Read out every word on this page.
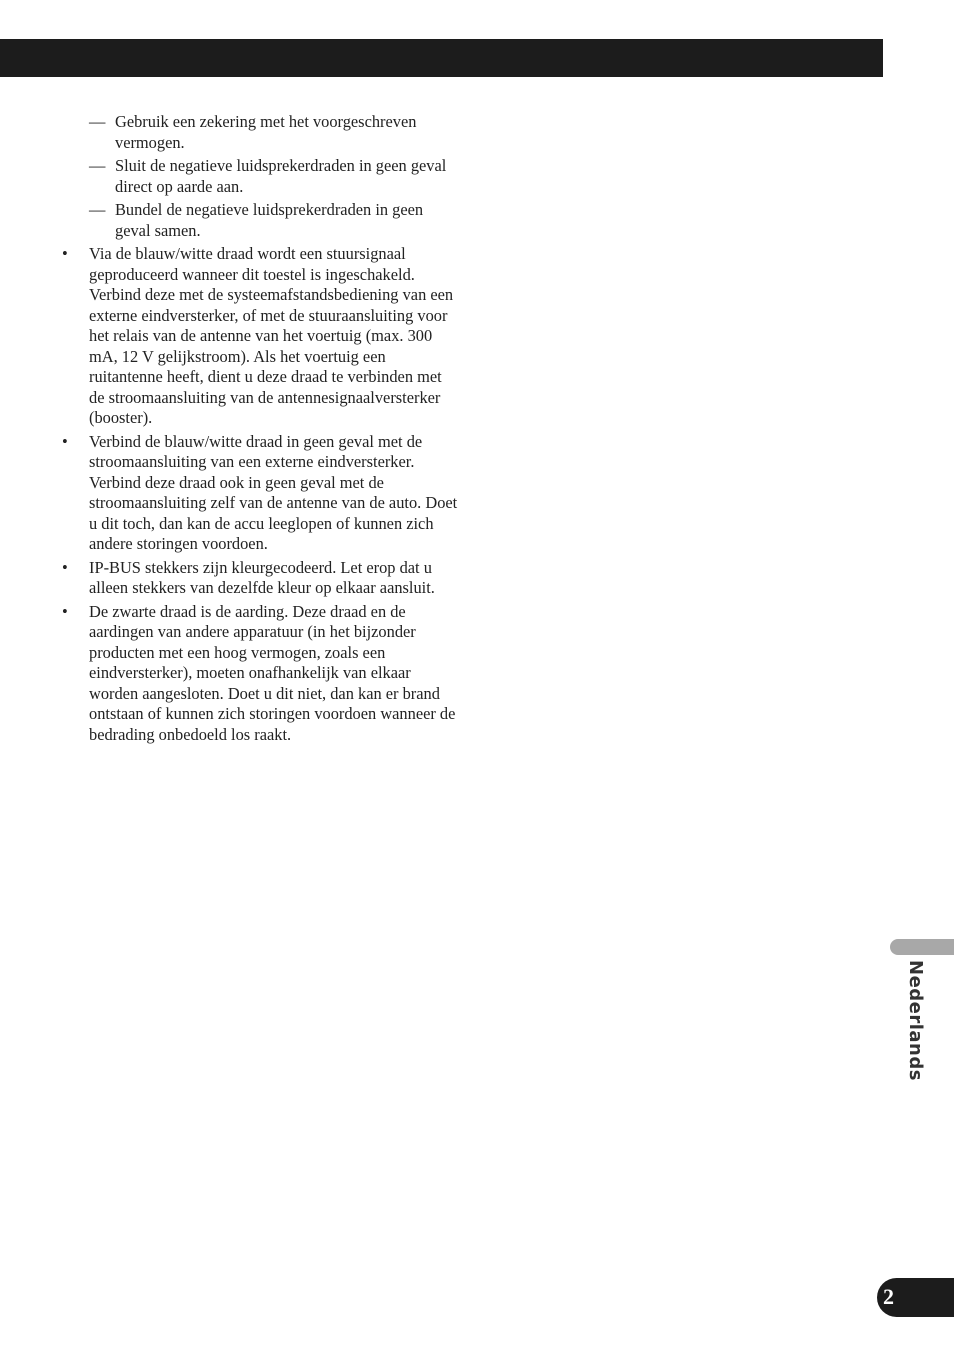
— Gebruik een zekering met het voorgeschreven vermogen.
— Sluit de negatieve luidsprekerdraden in geen geval direct op aarde aan.
— Bundel de negatieve luidsprekerdraden in geen geval samen.
• Via de blauw/witte draad wordt een stuursignaal geproduceerd wanneer dit toestel is ingeschakeld. Verbind deze met de systeemafstandsbediening van een externe eindversterker, of met de stuuraansluiting voor het relais van de antenne van het voertuig (max. 300 mA, 12 V gelijkstroom). Als het voertuig een ruitantenne heeft, dient u deze draad te verbinden met de stroomaansluiting van de antennesignaalversterker (booster).
• Verbind de blauw/witte draad in geen geval met de stroomaansluiting van een externe eindversterker. Verbind deze draad ook in geen geval met de stroomaansluiting zelf van de antenne van de auto. Doet u dit toch, dan kan de accu leeglopen of kunnen zich andere storingen voordoen.
• IP-BUS stekkers zijn kleurgecodeerd. Let erop dat u alleen stekkers van dezelfde kleur op elkaar aansluit.
• De zwarte draad is de aarding. Deze draad en de aardingen van andere apparatuur (in het bijzonder producten met een hoog vermogen, zoals een eindversterker), moeten onafhankelijk van elkaar worden aangesloten. Doet u dit niet, dan kan er brand ontstaan of kunnen zich storingen voordoen wanneer de bedrading onbedoeld los raakt.
Nederlands
2
